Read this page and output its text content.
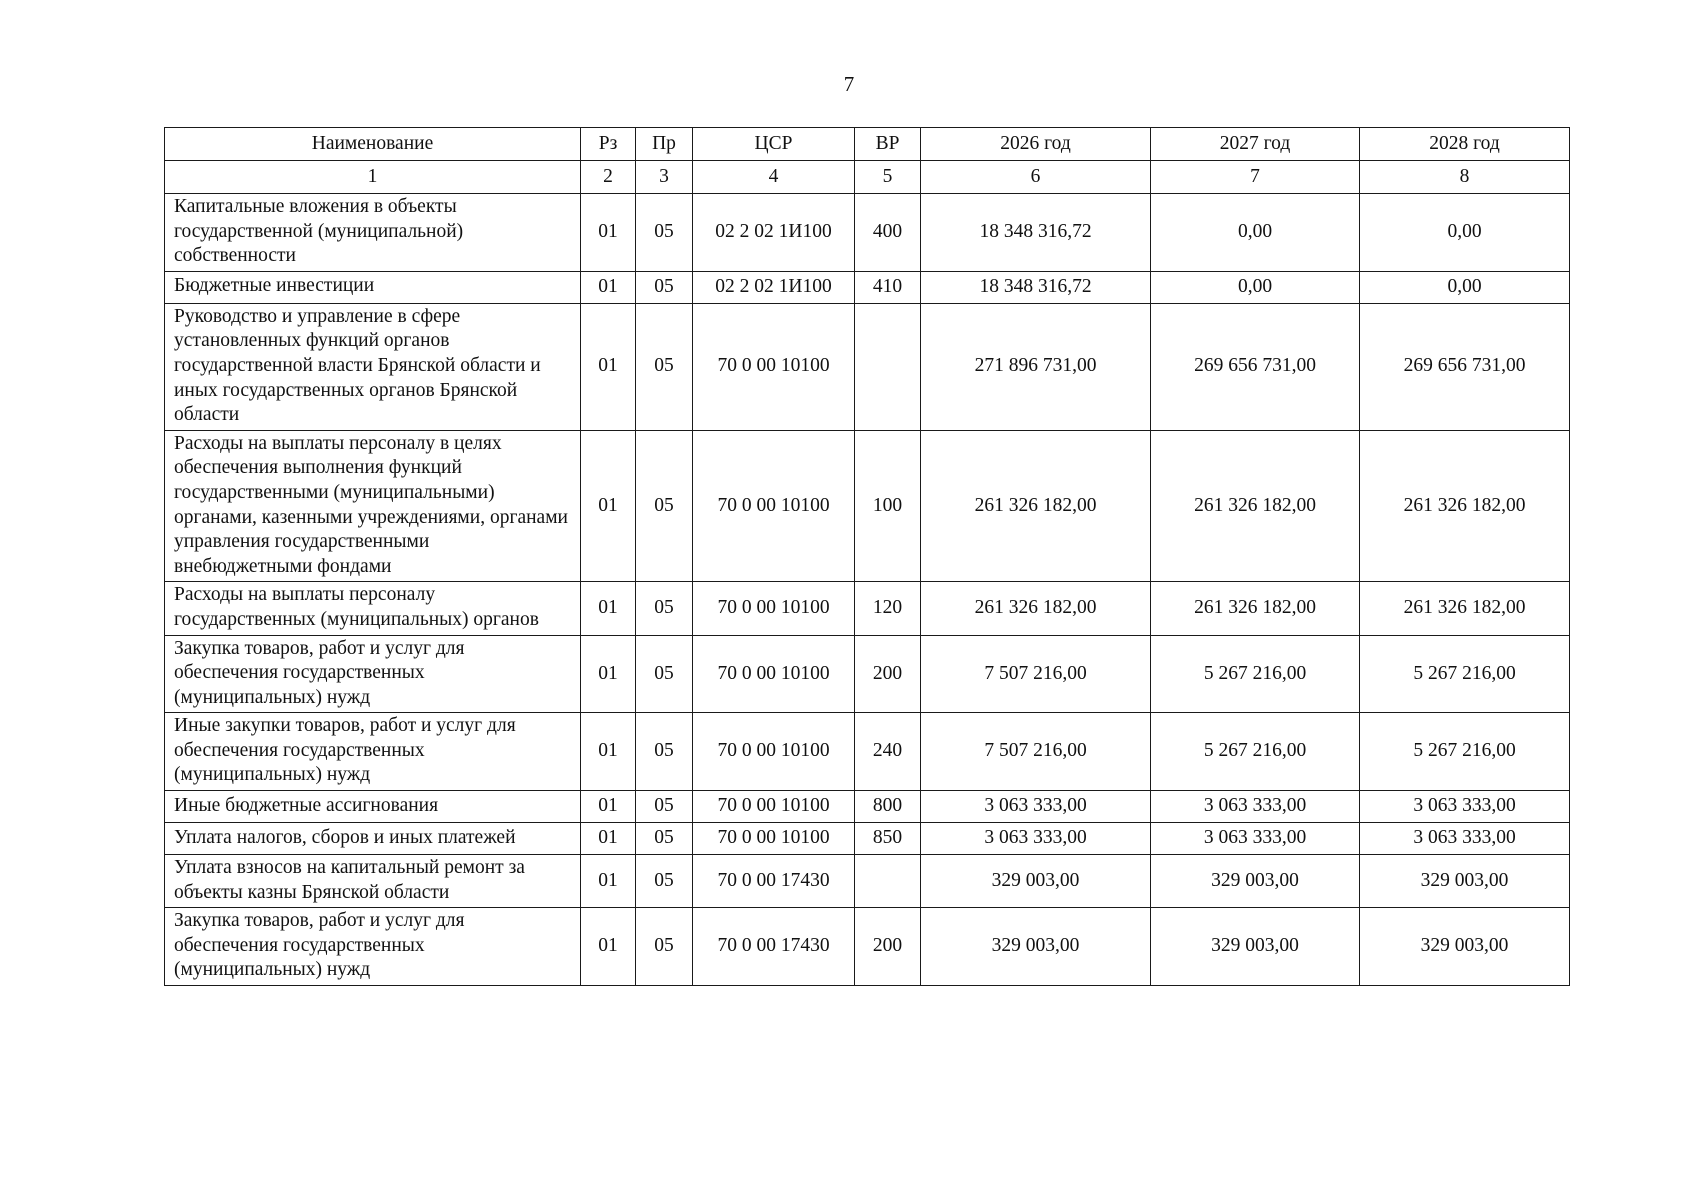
7
Наименование	Рз	Пр	ЦСР	ВР	2026 год	2027 год	2028 год
1	2	3	4	5	6	7	8
Капитальные вложения в объекты государственной (муниципальной) собственности	01	05	02 2 02 1И100	400	18 348 316,72	0,00	0,00
Бюджетные инвестиции	01	05	02 2 02 1И100	410	18 348 316,72	0,00	0,00
Руководство и управление в сфере установленных функций органов государственной власти Брянской области и иных государственных органов Брянской области	01	05	70 0 00 10100		271 896 731,00	269 656 731,00	269 656 731,00
Расходы на выплаты персоналу в целях обеспечения выполнения функций государственными (муниципальными) органами, казенными учреждениями, органами управления государственными внебюджетными фондами	01	05	70 0 00 10100	100	261 326 182,00	261 326 182,00	261 326 182,00
Расходы на выплаты персоналу государственных (муниципальных) органов	01	05	70 0 00 10100	120	261 326 182,00	261 326 182,00	261 326 182,00
Закупка товаров, работ и услуг для обеспечения государственных (муниципальных) нужд	01	05	70 0 00 10100	200	7 507 216,00	5 267 216,00	5 267 216,00
Иные закупки товаров, работ и услуг для обеспечения государственных (муниципальных) нужд	01	05	70 0 00 10100	240	7 507 216,00	5 267 216,00	5 267 216,00
Иные бюджетные ассигнования	01	05	70 0 00 10100	800	3 063 333,00	3 063 333,00	3 063 333,00
Уплата налогов, сборов и иных платежей	01	05	70 0 00 10100	850	3 063 333,00	3 063 333,00	3 063 333,00
Уплата взносов на капитальный ремонт за объекты казны Брянской области	01	05	70 0 00 17430		329 003,00	329 003,00	329 003,00
Закупка товаров, работ и услуг для обеспечения государственных (муниципальных) нужд	01	05	70 0 00 17430	200	329 003,00	329 003,00	329 003,00
